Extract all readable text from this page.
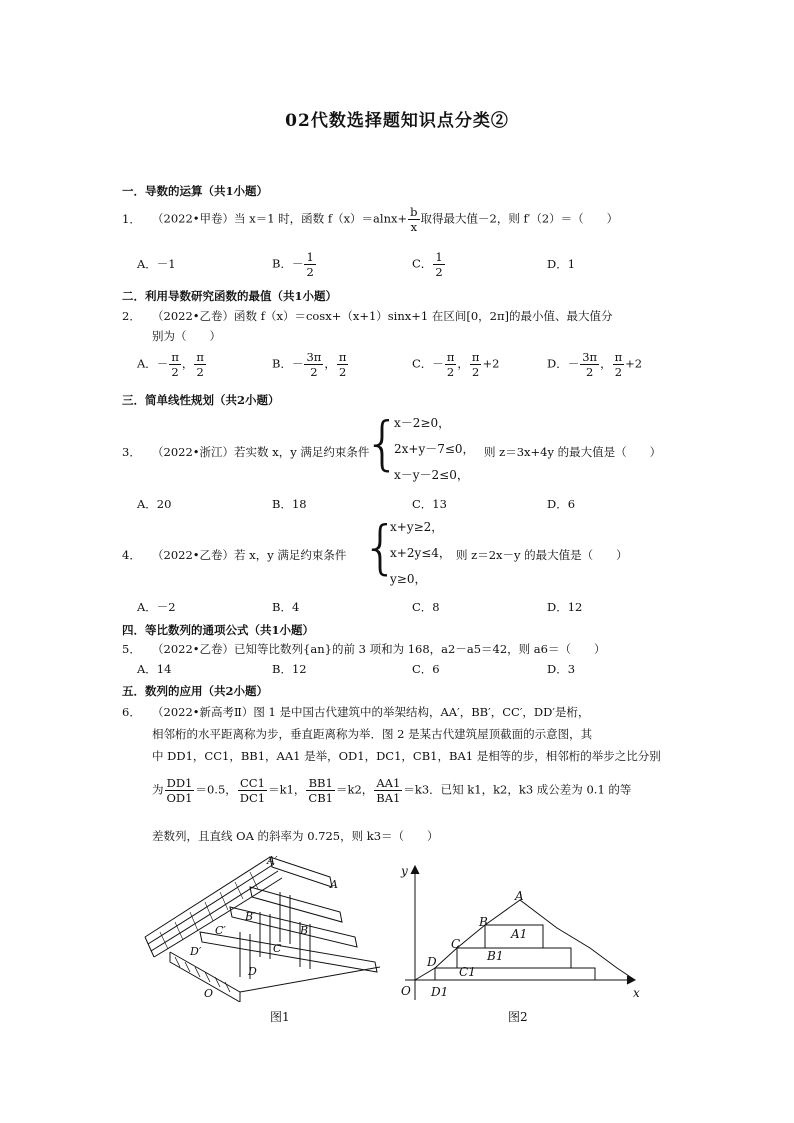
02代数选择题知识点分类②
一．导数的运算（共1小题）
1． （2022•甲卷）当 x＝1 时，函数 $f(x)=alnx+ \frac{b}{x}$ 取得最大值－2，则 f′（2）＝（　　）
A．－1	B．－ $\frac{1}{2}$	C． $\frac{1}{2}$	D．1
二．利用导数研究函数的最值（共1小题）
2． （2022•乙卷）函数 f（x）＝cosx+（x+1）sinx+1 在区间[0，2π]的最小值、最大值分
别为（　　）
A．－ $\frac{\pi}{2}$ ， $\frac{\pi}{2}$	B．－ $\frac{3\pi}{2}$ ， $\frac{\pi}{2}$	C．－ $\frac{\pi}{2}$ ， $\frac{\pi}{2} +2$	D．－ $\frac{3\pi}{2}$ ， $\frac{\pi}{2} +2$
三．简单线性规划（共2小题）
3． （2022•浙江）若实数 x，y 满足约束条件
{
x－2≥0，
2x+y－7≤0，
x－y－2≤0，
则 z＝3x+4y 的最大值是（　　）
A．20	B．18	C．13	D．6
4． （2022•乙卷）若 x，y 满足约束条件 {
x+y≥2，
x+2y≤4，
y≥0，
则 z＝2x－y 的最大值是（　　）
A．－2	B．4	C．8	D．12
四．等比数列的通项公式（共1小题）
5． （2022•乙卷）已知等比数列{an}的前 3 项和为 168，a2－a5＝42，则 a6＝（　　）
A．14	B．12	C．6	D．3
五．数列的应用（共2小题）
6． （2022•新高考Ⅱ）图 1 是中国古代建筑中的举架结构，AA′，BB′，CC′，DD′是桁，
相邻桁的水平距离称为步，垂直距离称为举．图 2 是某古代建筑屋顶截面的示意图，其
中 DD1，CC1，BB1，AA1 是举，OD1，DC1，CB1，BA1 是相等的步，相邻桁的举步之比分别
为 $\frac{DD1}{OD1} =0.5$， $\frac{CC1}{DC1} =k1$， $\frac{BB1}{CB1} =k2$， $\frac{AA1}{BA1} =k3$．已知 k1，k2，k3 成公差为 0.1 的等
差数列，且直线 OA 的斜率为 0.725，则 k3＝（　　）
A′
A
B′
B
C′
C
D′
D
O
图1
y
x
O
A
A1
B
B1
C
C1
D
D1
图2
